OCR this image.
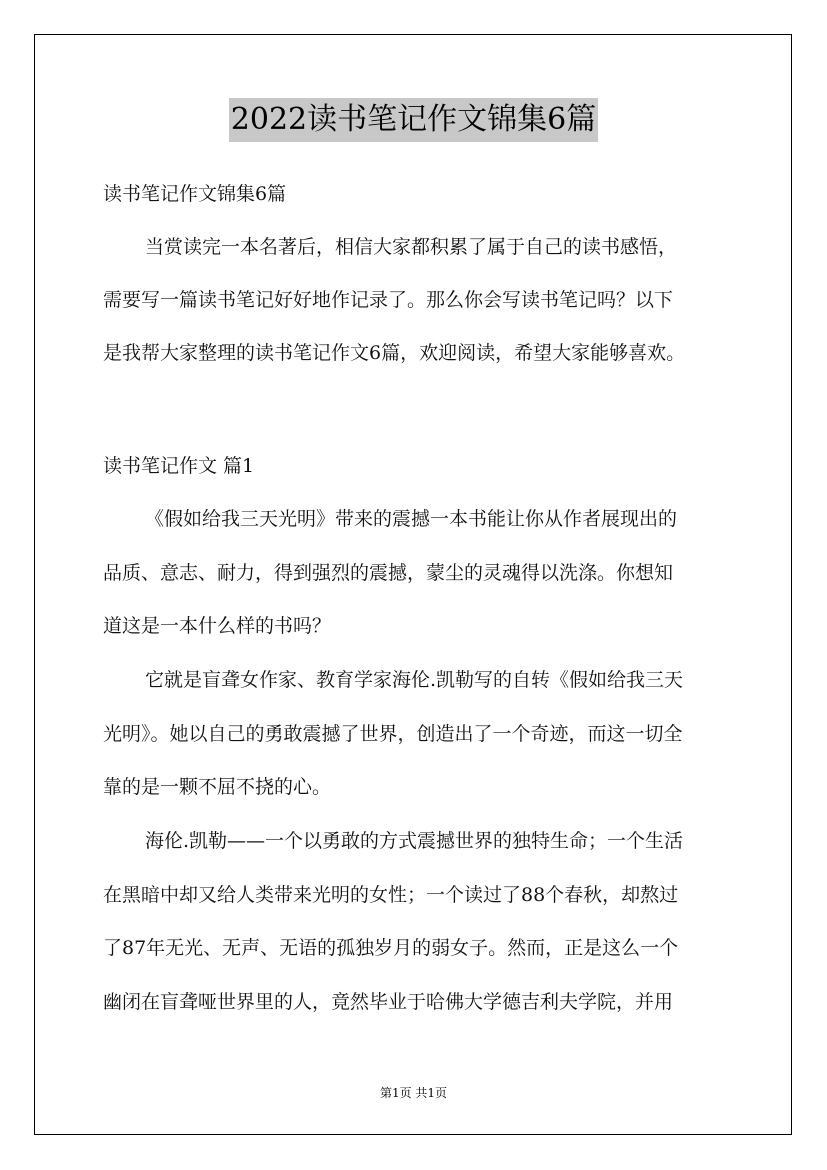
2022读书笔记作文锦集6篇
读书笔记作文锦集6篇
当赏读完一本名著后，相信大家都积累了属于自己的读书感悟，
需要写一篇读书笔记好好地作记录了。那么你会写读书笔记吗？以下
是我帮大家整理的读书笔记作文6篇，欢迎阅读，希望大家能够喜欢。
读书笔记作文 篇1
《假如给我三天光明》带来的震撼一本书能让你从作者展现出的
品质、意志、耐力，得到强烈的震撼，蒙尘的灵魂得以洗涤。你想知
道这是一本什么样的书吗？
它就是盲聋女作家、教育学家海伦.凯勒写的自转《假如给我三天
光明》。她以自己的勇敢震撼了世界，创造出了一个奇迹，而这一切全
靠的是一颗不屈不挠的心。
海伦.凯勒——一个以勇敢的方式震撼世界的独特生命；一个生活
在黑暗中却又给人类带来光明的女性；一个读过了88个春秋，却熬过
了87年无光、无声、无语的孤独岁月的弱女子。然而，正是这么一个
幽闭在盲聋哑世界里的人，竟然毕业于哈佛大学德吉利夫学院，并用
第1页 共1页
